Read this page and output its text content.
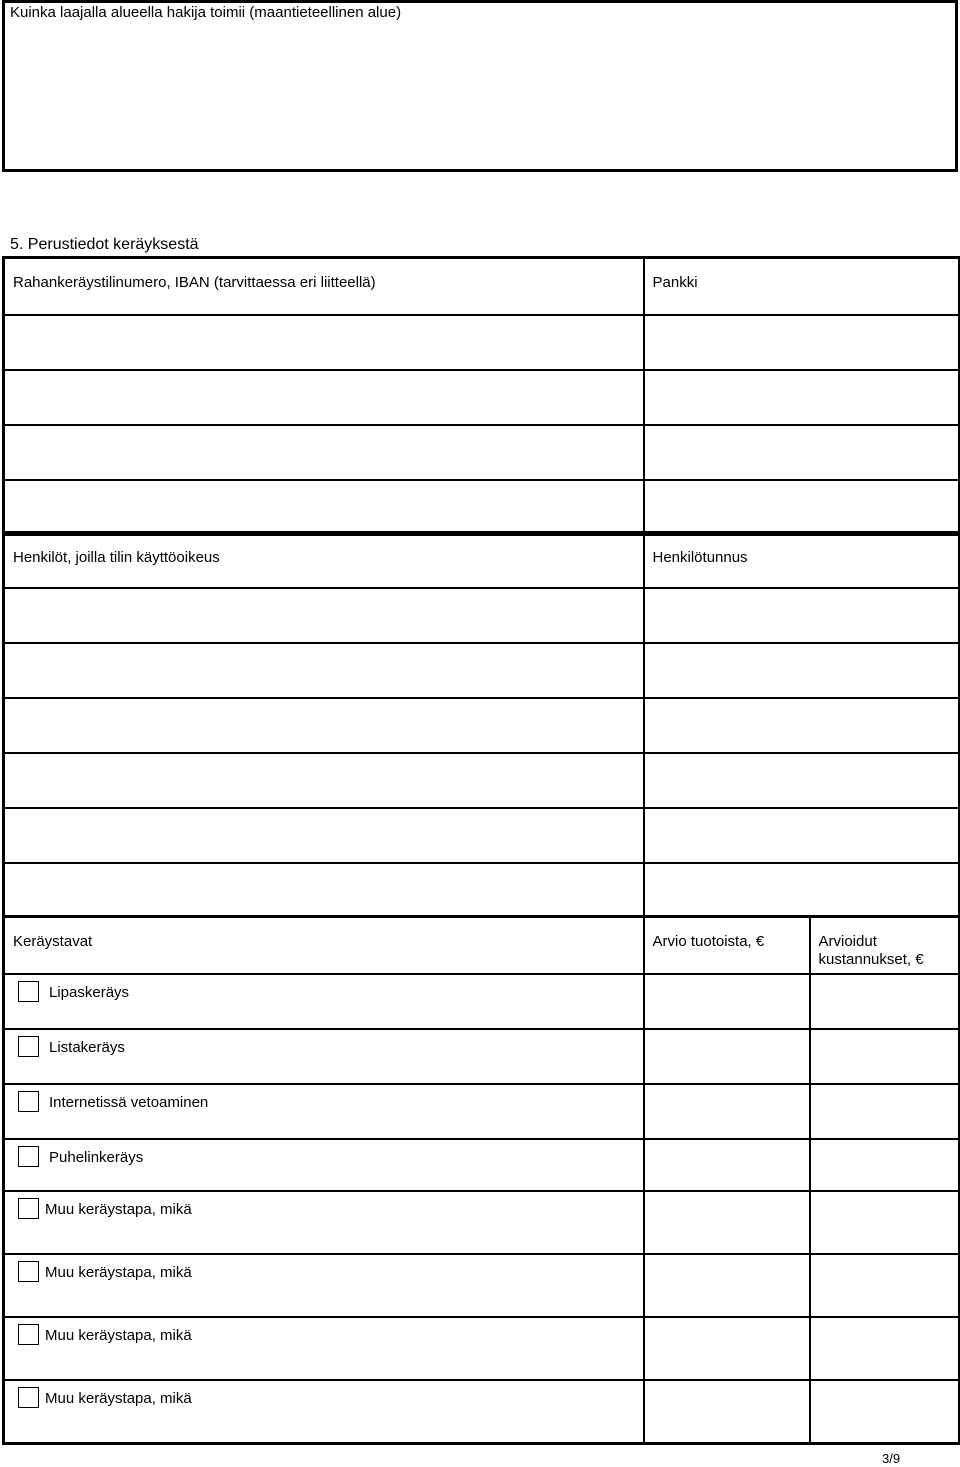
Kuinka laajalla alueella hakija toimii (maantieteellinen alue)
5. Perustiedot keräyksestä
Rahankeräystilinumero, IBAN (tarvittaessa eri liitteellä)	Pankki

Henkilöt, joilla tilin käyttöoikeus	Henkilötunnus

Keräystavat	Arvio tuotoista, €	Arvioidut
kustannukset, €
Lipaskeräys		
Listakeräys		
Internetissä vetoaminen		
Puhelinkeräys		
Muu keräystapa, mikä		
Muu keräystapa, mikä		
Muu keräystapa, mikä		
Muu keräystapa, mikä		
3/9
